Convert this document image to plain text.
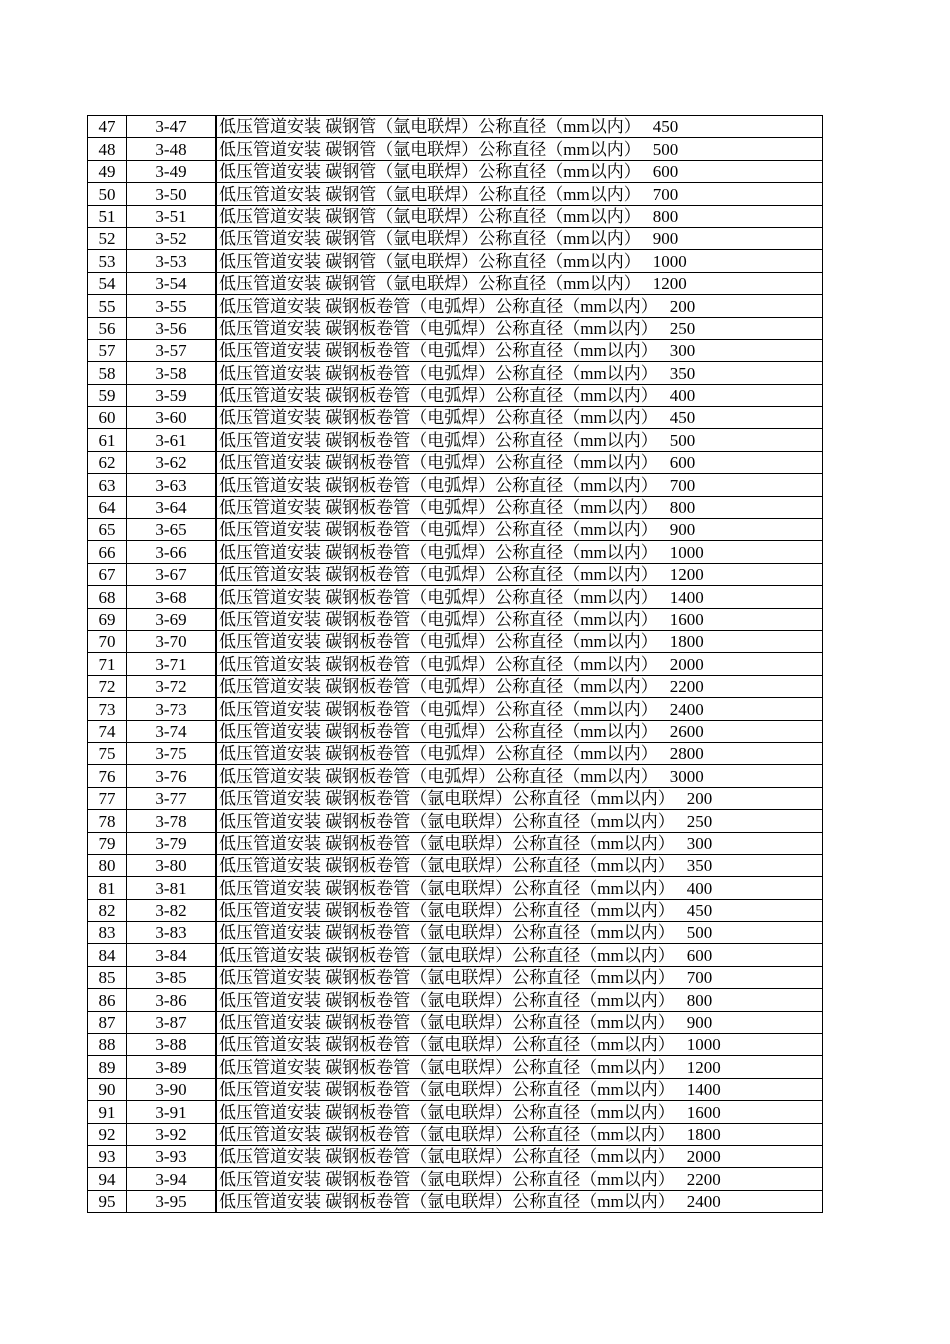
47	3-47	低压管道安装 碳钢管（氩电联焊）公称直径（mm以内） 450
48	3-48	低压管道安装 碳钢管（氩电联焊）公称直径（mm以内） 500
49	3-49	低压管道安装 碳钢管（氩电联焊）公称直径（mm以内） 600
50	3-50	低压管道安装 碳钢管（氩电联焊）公称直径（mm以内） 700
51	3-51	低压管道安装 碳钢管（氩电联焊）公称直径（mm以内） 800
52	3-52	低压管道安装 碳钢管（氩电联焊）公称直径（mm以内） 900
53	3-53	低压管道安装 碳钢管（氩电联焊）公称直径（mm以内） 1000
54	3-54	低压管道安装 碳钢管（氩电联焊）公称直径（mm以内） 1200
55	3-55	低压管道安装 碳钢板卷管（电弧焊）公称直径（mm以内） 200
56	3-56	低压管道安装 碳钢板卷管（电弧焊）公称直径（mm以内） 250
57	3-57	低压管道安装 碳钢板卷管（电弧焊）公称直径（mm以内） 300
58	3-58	低压管道安装 碳钢板卷管（电弧焊）公称直径（mm以内） 350
59	3-59	低压管道安装 碳钢板卷管（电弧焊）公称直径（mm以内） 400
60	3-60	低压管道安装 碳钢板卷管（电弧焊）公称直径（mm以内） 450
61	3-61	低压管道安装 碳钢板卷管（电弧焊）公称直径（mm以内） 500
62	3-62	低压管道安装 碳钢板卷管（电弧焊）公称直径（mm以内） 600
63	3-63	低压管道安装 碳钢板卷管（电弧焊）公称直径（mm以内） 700
64	3-64	低压管道安装 碳钢板卷管（电弧焊）公称直径（mm以内） 800
65	3-65	低压管道安装 碳钢板卷管（电弧焊）公称直径（mm以内） 900
66	3-66	低压管道安装 碳钢板卷管（电弧焊）公称直径（mm以内） 1000
67	3-67	低压管道安装 碳钢板卷管（电弧焊）公称直径（mm以内） 1200
68	3-68	低压管道安装 碳钢板卷管（电弧焊）公称直径（mm以内） 1400
69	3-69	低压管道安装 碳钢板卷管（电弧焊）公称直径（mm以内） 1600
70	3-70	低压管道安装 碳钢板卷管（电弧焊）公称直径（mm以内） 1800
71	3-71	低压管道安装 碳钢板卷管（电弧焊）公称直径（mm以内） 2000
72	3-72	低压管道安装 碳钢板卷管（电弧焊）公称直径（mm以内） 2200
73	3-73	低压管道安装 碳钢板卷管（电弧焊）公称直径（mm以内） 2400
74	3-74	低压管道安装 碳钢板卷管（电弧焊）公称直径（mm以内） 2600
75	3-75	低压管道安装 碳钢板卷管（电弧焊）公称直径（mm以内） 2800
76	3-76	低压管道安装 碳钢板卷管（电弧焊）公称直径（mm以内） 3000
77	3-77	低压管道安装 碳钢板卷管（氩电联焊）公称直径（mm以内） 200
78	3-78	低压管道安装 碳钢板卷管（氩电联焊）公称直径（mm以内） 250
79	3-79	低压管道安装 碳钢板卷管（氩电联焊）公称直径（mm以内） 300
80	3-80	低压管道安装 碳钢板卷管（氩电联焊）公称直径（mm以内） 350
81	3-81	低压管道安装 碳钢板卷管（氩电联焊）公称直径（mm以内） 400
82	3-82	低压管道安装 碳钢板卷管（氩电联焊）公称直径（mm以内） 450
83	3-83	低压管道安装 碳钢板卷管（氩电联焊）公称直径（mm以内） 500
84	3-84	低压管道安装 碳钢板卷管（氩电联焊）公称直径（mm以内） 600
85	3-85	低压管道安装 碳钢板卷管（氩电联焊）公称直径（mm以内） 700
86	3-86	低压管道安装 碳钢板卷管（氩电联焊）公称直径（mm以内） 800
87	3-87	低压管道安装 碳钢板卷管（氩电联焊）公称直径（mm以内） 900
88	3-88	低压管道安装 碳钢板卷管（氩电联焊）公称直径（mm以内） 1000
89	3-89	低压管道安装 碳钢板卷管（氩电联焊）公称直径（mm以内） 1200
90	3-90	低压管道安装 碳钢板卷管（氩电联焊）公称直径（mm以内） 1400
91	3-91	低压管道安装 碳钢板卷管（氩电联焊）公称直径（mm以内） 1600
92	3-92	低压管道安装 碳钢板卷管（氩电联焊）公称直径（mm以内） 1800
93	3-93	低压管道安装 碳钢板卷管（氩电联焊）公称直径（mm以内） 2000
94	3-94	低压管道安装 碳钢板卷管（氩电联焊）公称直径（mm以内） 2200
95	3-95	低压管道安装 碳钢板卷管（氩电联焊）公称直径（mm以内） 2400
